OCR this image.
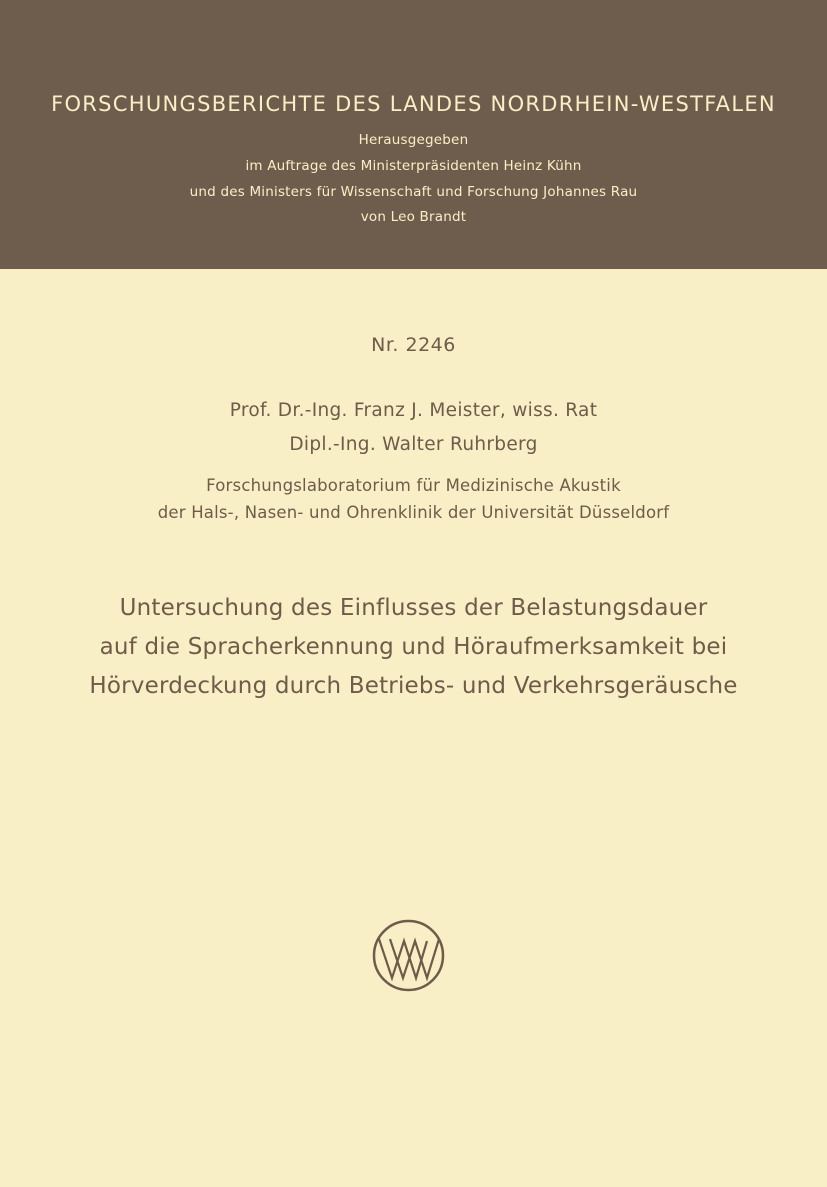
FORSCHUNGSBERICHTE DES LANDES NORDRHEIN-WESTFALEN
Herausgegeben
im Auftrage des Ministerpräsidenten Heinz Kühn
und des Ministers für Wissenschaft und Forschung Johannes Rau
von Leo Brandt
Nr. 2246
Prof. Dr.-Ing. Franz J. Meister, wiss. Rat
Dipl.-Ing. Walter Ruhrberg
Forschungslaboratorium für Medizinische Akustik
der Hals-, Nasen- und Ohrenklinik der Universität Düsseldorf
Untersuchung des Einflusses der Belastungsdauer
auf die Spracherkennung und Höraufmerksamkeit bei
Hörverdeckung durch Betriebs- und Verkehrsgeräusche
